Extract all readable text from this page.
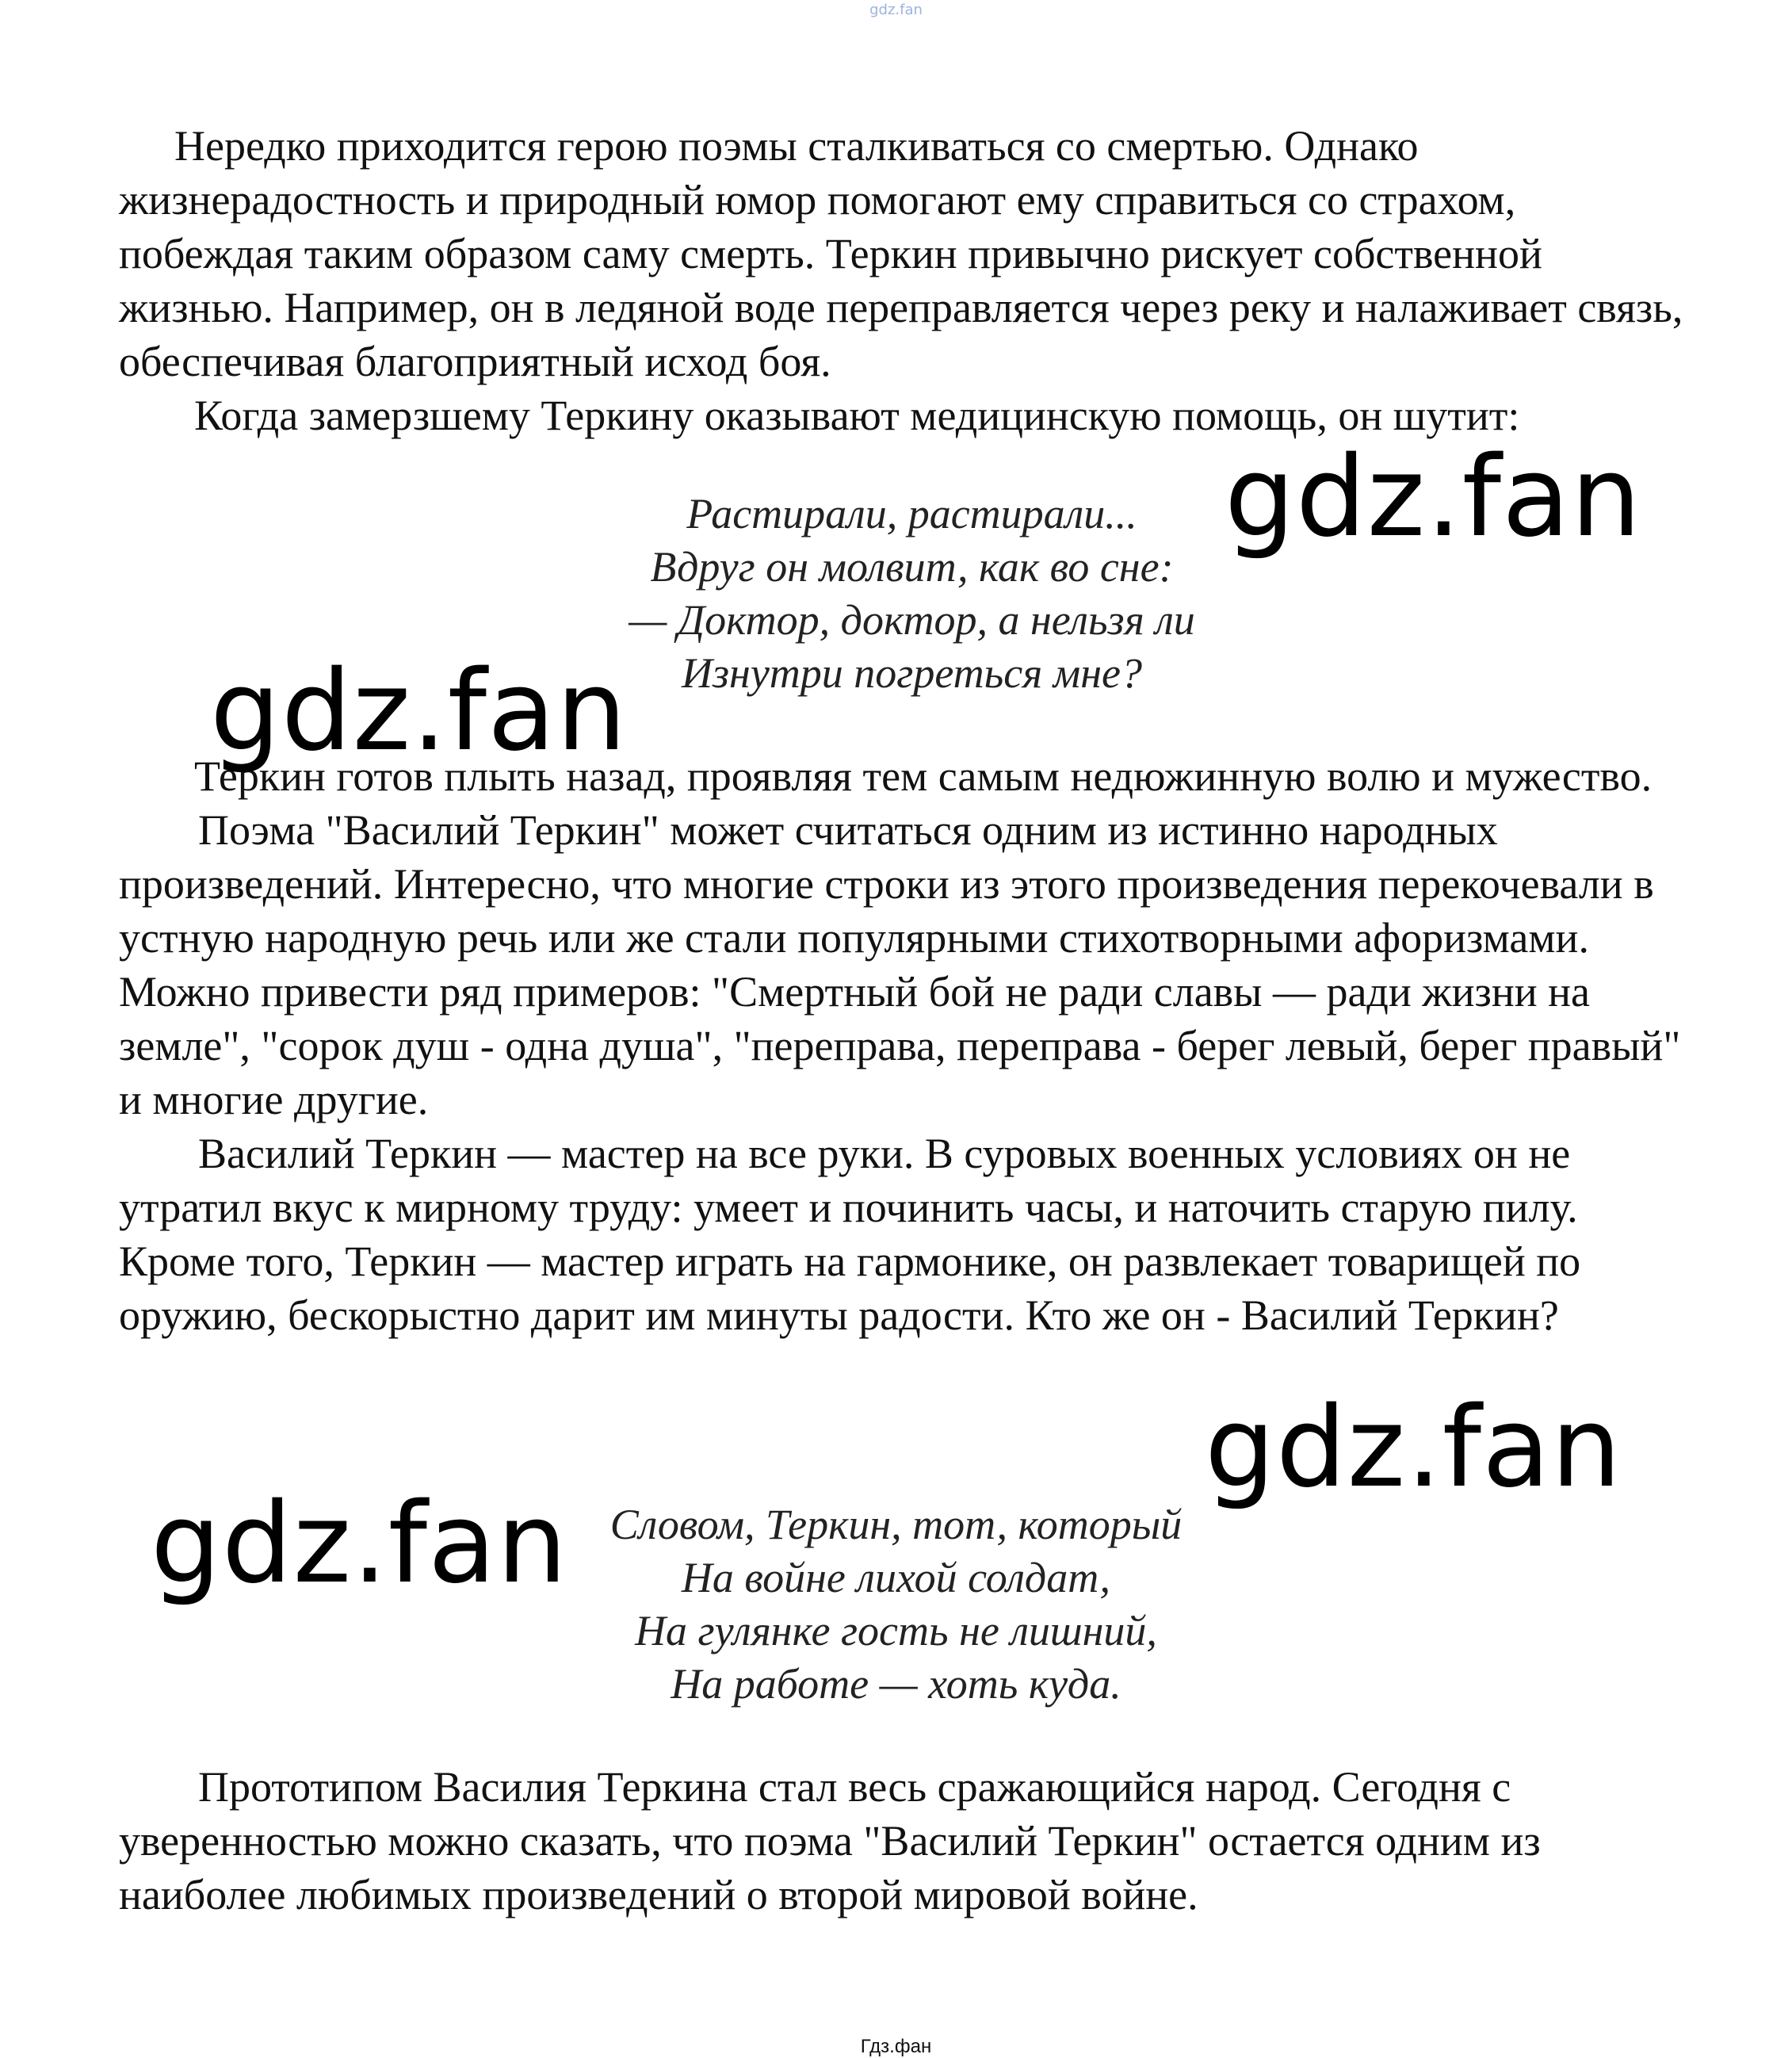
gdz.fan

Нередко приходится герою поэмы сталкиваться со смертью. Однако жизнерадостность и природный юмор помогают ему справиться со страхом, побеждая таким образом саму смерть. Теркин привычно рискует собственной жизнью. Например, он в ледяной воде переправляется через реку и налаживает связь, обеспечивая благоприятный исход боя.

Когда замерзшему Теркину оказывают медицинскую помощь, он шутит:

Растирали, растирали...
Вдруг он молвит, как во сне:
— Доктор, доктор, а нельзя ли
Изнутри погреться мне?

Теркин готов плыть назад, проявляя тем самым недюжинную волю и мужество.

Поэма "Василий Теркин" может считаться одним из истинно народных произведений. Интересно, что многие строки из этого произведения перекочевали в устную народную речь или же стали популярными стихотворными афоризмами. Можно привести ряд примеров: "Смертный бой не ради славы — ради жизни на земле", "сорок душ - одна душа", "переправа, переправа - берег левый, берег правый" и многие другие.

Василий Теркин — мастер на все руки. В суровых военных условиях он не утратил вкус к мирному труду: умеет и починить часы, и наточить старую пилу. Кроме того, Теркин — мастер играть на гармонике, он развлекает товарищей по оружию, бескорыстно дарит им минуты радости. Кто же он - Василий Теркин?

Словом, Теркин, тот, который
На войне лихой солдат,
На гулянке гость не лишний,
На работе — хоть куда.

Прототипом Василия Теркина стал весь сражающийся народ. Сегодня с уверенностью можно сказать, что поэма "Василий Теркин" остается одним из наиболее любимых произведений о второй мировой войне.

gdz.fan
gdz.fan
gdz.fan
gdz.fan
Гдз.фан
